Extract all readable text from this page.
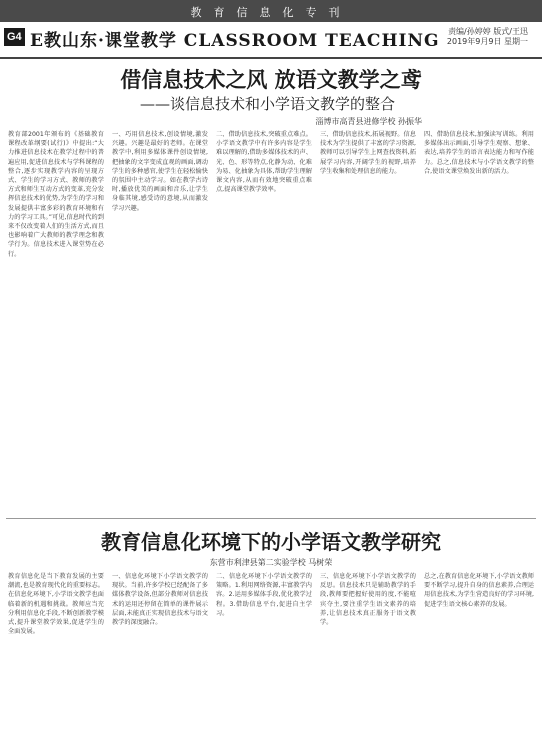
教育信息化专刊
G4 E教山东·课堂教学 CLASSROOM TEACHING 责编/孙婷婷 版式/王迅
2019年9月9日 星期一
借信息技术之风 放语文教学之鸢
——谈信息技术和小学语文教学的整合
淄博市高青县进修学校 孙振华
教育部2001年颁布的《基础教育课程改革纲要(试行)》中提出:“大力推进信息技术在教学过程中的普遍应用,促进信息技术与学科课程的整合,逐步实现教学内容的呈现方式、学生的学习方式、教师的教学方式和师生互动方式的变革,充分发挥信息技术的优势,为学生的学习和发展提供丰富多彩的教育环境和有力的学习工具。”可见,信息时代的到来不仅改变着人们的生活方式,而且也影响着广大教师的教学理念和教学行为。信息技术进入课堂势在必行。
一、巧用信息技术,创设情境,激发兴趣。兴趣是最好的老师。在课堂教学中,利用多媒体课件创设情境,把抽象的文字变成直观的画面,调动学生的多种感官,使学生在轻松愉快的氛围中主动学习。如在教学古诗时,播放优美的画面和音乐,让学生身临其境,感受诗的意境,从而激发学习兴趣。
二、借助信息技术,突破重点难点。小学语文教学中有许多内容是学生难以理解的,借助多媒体技术的声、光、色、形等特点,化静为动、化难为易、化抽象为具体,帮助学生理解课文内容,从而有效地突破重点难点,提高课堂教学效率。
三、借助信息技术,拓展视野。信息技术为学生提供了丰富的学习资源,教师可以引导学生上网查找资料,拓展学习内容,开阔学生的视野,培养学生收集和处理信息的能力。
四、借助信息技术,加强读写训练。利用多媒体出示画面,引导学生观察、想象、表达,培养学生的语言表达能力和写作能力。总之,信息技术与小学语文教学的整合,使语文课堂焕发出新的活力。
教育信息化环境下的小学语文教学研究
东营市利津县第二实验学校 马树荣
教育信息化是当下教育发展的主要潮流,也是教育现代化的重要标志。在信息化环境下,小学语文教学也面临着新的机遇和挑战。教师应当充分利用信息化手段,不断创新教学模式,提升课堂教学效果,促进学生的全面发展。
一、信息化环境下小学语文教学的现状。当前,许多学校已经配备了多媒体教学设备,但部分教师对信息技术的运用还停留在简单的课件展示层面,未能真正实现信息技术与语文教学的深度融合。
二、信息化环境下小学语文教学的策略。1.利用网络资源,丰富教学内容。2.运用多媒体手段,优化教学过程。3.借助信息平台,促进自主学习。
三、信息化环境下小学语文教学的反思。信息技术只是辅助教学的手段,教师要把握好使用的度,不能喧宾夺主,要注重学生语文素养的培养,让信息技术真正服务于语文教学。
总之,在教育信息化环境下,小学语文教师要不断学习,提升自身的信息素养,合理运用信息技术,为学生营造良好的学习环境,促进学生语文核心素养的发展。
